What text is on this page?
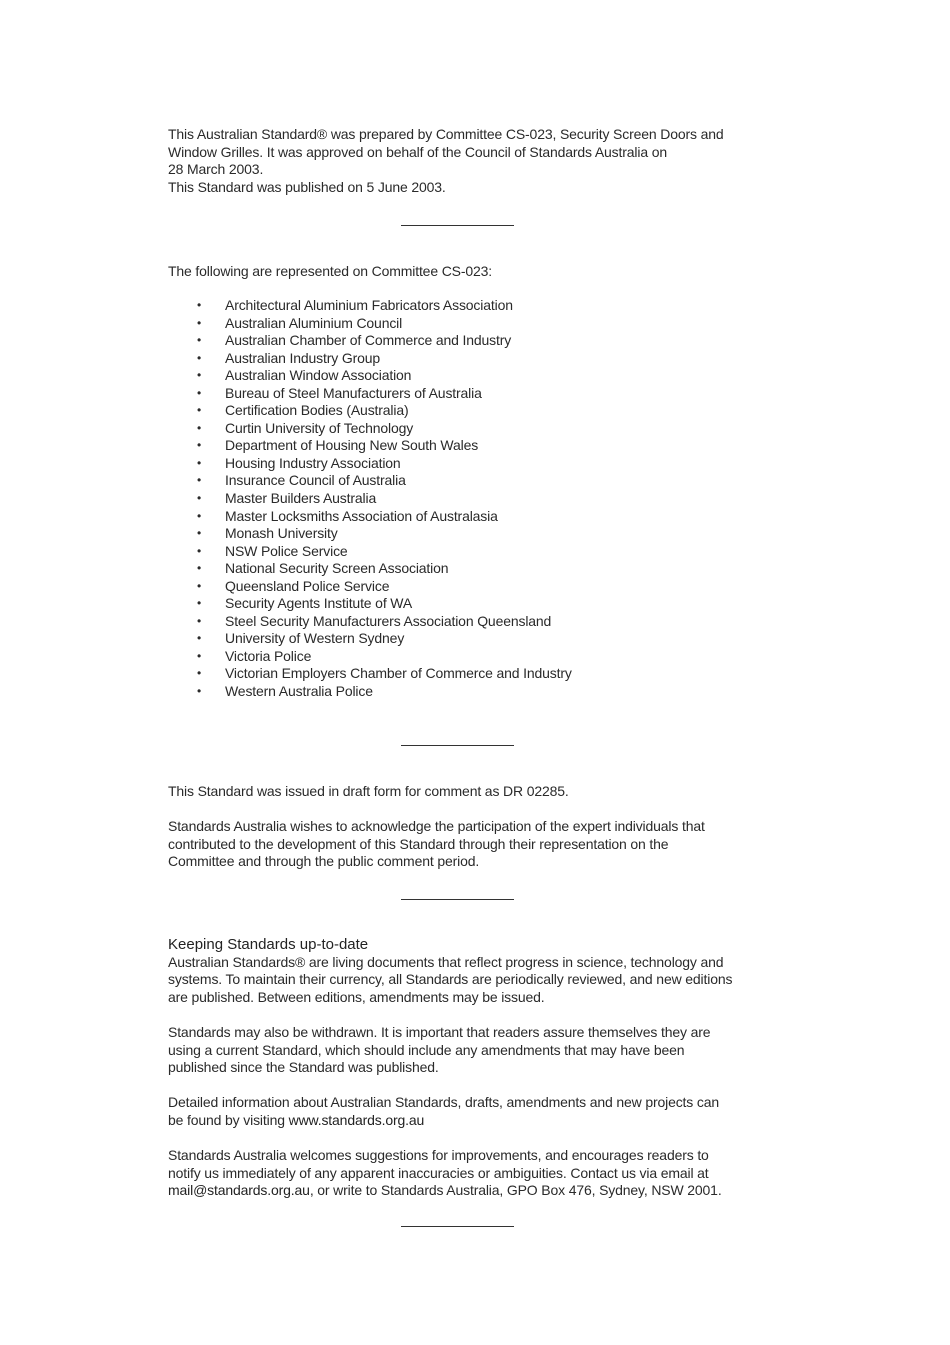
This Australian Standard® was prepared by Committee CS-023, Security Screen Doors and

Window Grilles. It was approved on behalf of the Council of Standards Australia on

28 March 2003.

This Standard was published on 5 June 2003.

The following are represented on Committee CS-023:

• Architectural Aluminium Fabricators Association
• Australian Aluminium Council
• Australian Chamber of Commerce and Industry
• Australian Industry Group
• Australian Window Association
• Bureau of Steel Manufacturers of Australia
• Certification Bodies (Australia)
• Curtin University of Technology
• Department of Housing New South Wales
• Housing Industry Association
• Insurance Council of Australia
• Master Builders Australia
• Master Locksmiths Association of Australasia
• Monash University
• NSW Police Service
• National Security Screen Association
• Queensland Police Service
• Security Agents Institute of WA
• Steel Security Manufacturers Association Queensland
• University of Western Sydney
• Victoria Police
• Victorian Employers Chamber of Commerce and Industry
• Western Australia Police

This Standard was issued in draft form for comment as DR 02285.

Standards Australia wishes to acknowledge the participation of the expert individuals that

contributed to the development of this Standard through their representation on the

Committee and through the public comment period.

Keeping Standards up-to-date

Australian Standards® are living documents that reflect progress in science, technology and

systems. To maintain their currency, all Standards are periodically reviewed, and new editions

are published. Between editions, amendments may be issued.

Standards may also be withdrawn. It is important that readers assure themselves they are

using a current Standard, which should include any amendments that may have been

published since the Standard was published.

Detailed information about Australian Standards, drafts, amendments and new projects can

be found by visiting www.standards.org.au

Standards Australia welcomes suggestions for improvements, and encourages readers to

notify us immediately of any apparent inaccuracies or ambiguities. Contact us via email at

mail@standards.org.au, or write to Standards Australia, GPO Box 476, Sydney, NSW 2001.
